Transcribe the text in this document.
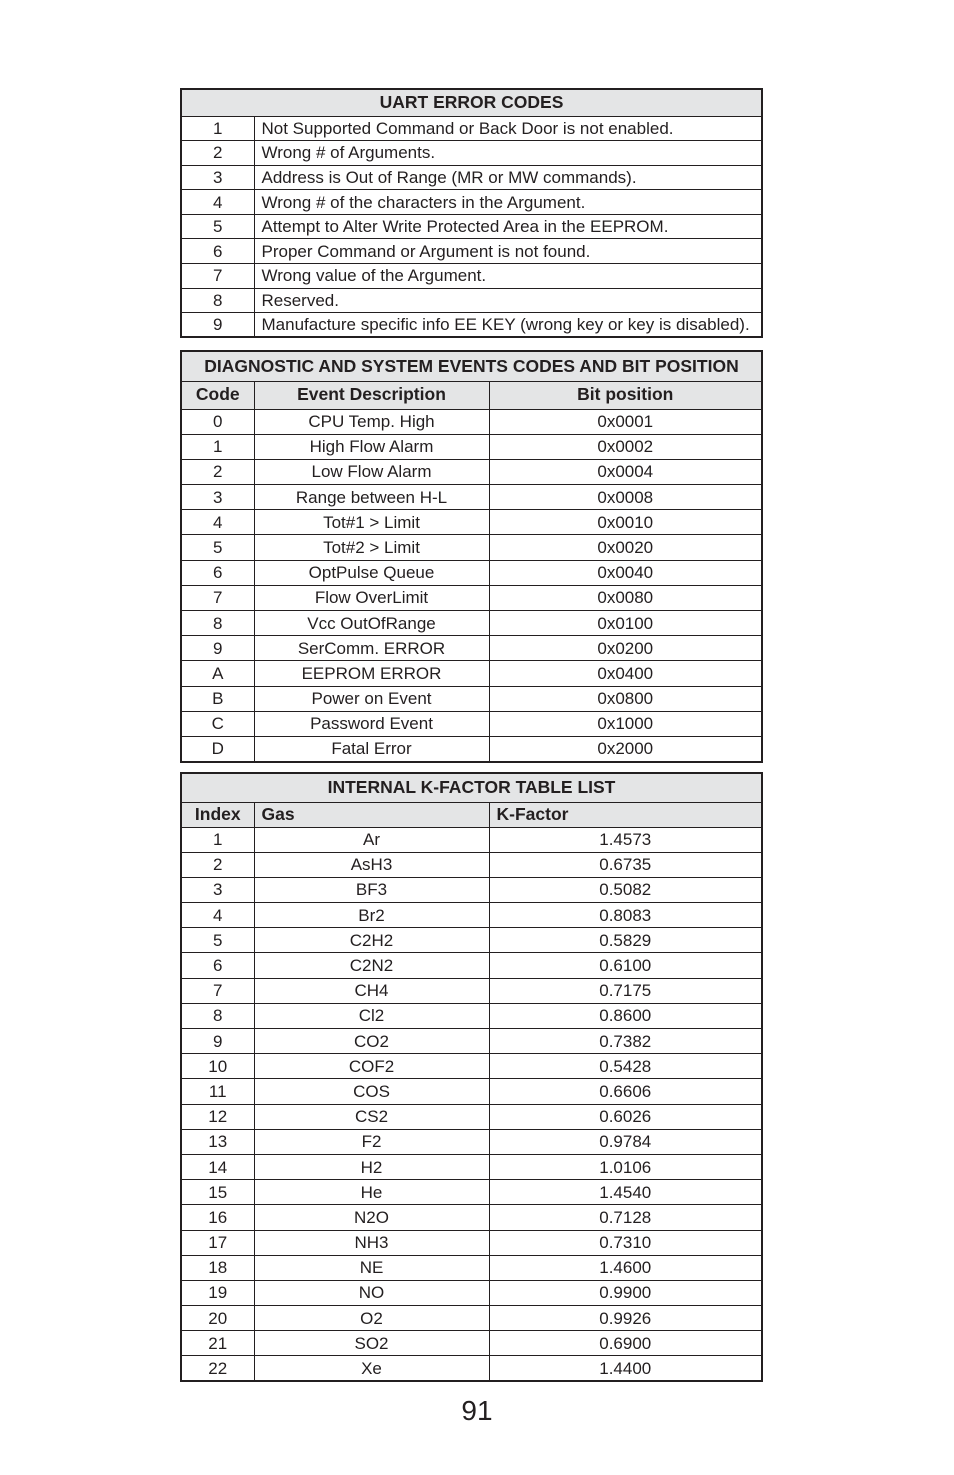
UART ERROR CODES	
1	Not Supported Command or Back Door is not enabled.
2	Wrong # of Arguments.
3	Address is Out of Range (MR or MW commands).
4	Wrong # of the characters in the Argument.
5	Attempt to Alter Write Protected Area in the EEPROM.
6	Proper Command or Argument is not found.
7	Wrong value of the Argument.
8	Reserved.
9	Manufacture specific info EE KEY (wrong key or key is disabled).
DIAGNOSTIC AND SYSTEM EVENTS CODES AND BIT POSITION		
Code	Event Description	Bit position
0	CPU Temp. High	0x0001
1	High Flow Alarm	0x0002
2	Low Flow Alarm	0x0004
3	Range between H-L	0x0008
4	Tot#1 > Limit	0x0010
5	Tot#2 > Limit	0x0020
6	OptPulse Queue	0x0040
7	Flow OverLimit	0x0080
8	Vcc OutOfRange	0x0100
9	SerComm. ERROR	0x0200
A	EEPROM ERROR	0x0400
B	Power on Event	0x0800
C	Password Event	0x1000
D	Fatal Error	0x2000
INTERNAL K-FACTOR TABLE LIST		
Index	Gas	K-Factor
1	Ar	1.4573
2	AsH3	0.6735
3	BF3	0.5082
4	Br2	0.8083
5	C2H2	0.5829
6	C2N2	0.6100
7	CH4	0.7175
8	Cl2	0.8600
9	CO2	0.7382
10	COF2	0.5428
11	COS	0.6606
12	CS2	0.6026
13	F2	0.9784
14	H2	1.0106
15	He	1.4540
16	N2O	0.7128
17	NH3	0.7310
18	NE	1.4600
19	NO	0.9900
20	O2	0.9926
21	SO2	0.6900
22	Xe	1.4400
91
